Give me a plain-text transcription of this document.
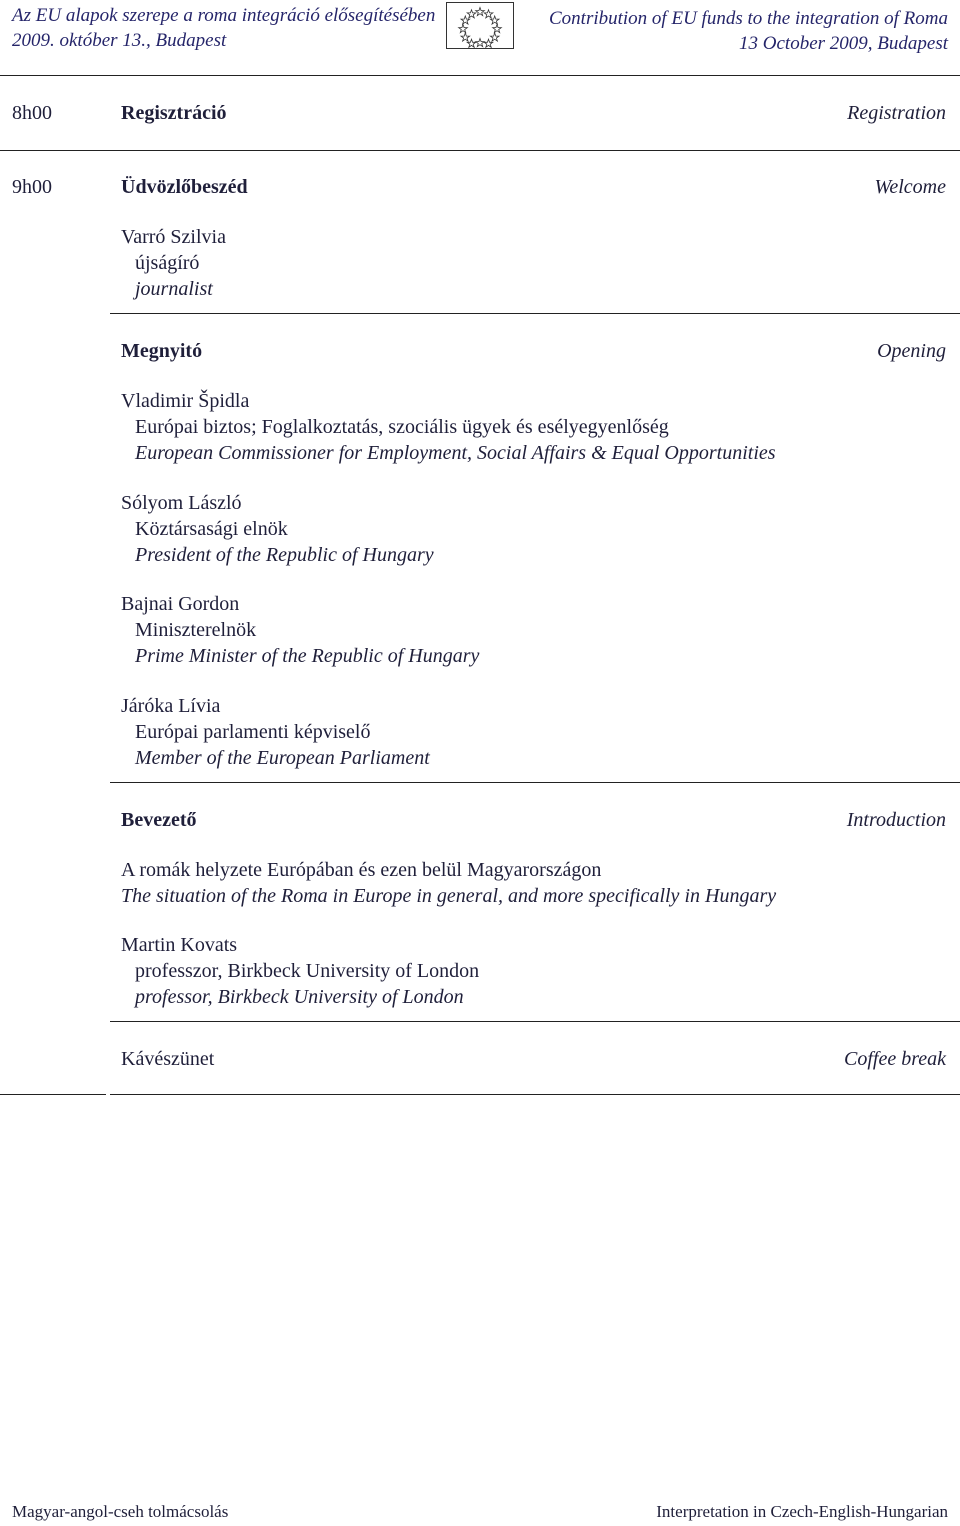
Az EU alapok szerepe a roma integráció elősegítésében
2009. október 13., Budapest
Contribution of EU funds to the integration of Roma
13 October 2009, Budapest
8h00	Regisztráció	Registration
9h00	Üdvözlőbeszéd	Welcome
Varró Szilvia
újságíró
journalist
Megnyitó	Opening
Vladimir Špidla
Európai biztos; Foglalkoztatás, szociális ügyek és esélyegyenlőség
European Commissioner for Employment, Social Affairs & Equal Opportunities
Sólyom László
Köztársasági elnök
President of the Republic of Hungary
Bajnai Gordon
Miniszterelnök
Prime Minister of the Republic of Hungary
Járóka Lívia
Európai parlamenti képviselő
Member of the European Parliament
Bevezető	Introduction
A romák helyzete Európában és ezen belül Magyarországon
The situation of the Roma in Europe in general, and more specifically in Hungary
Martin Kovats
professzor, Birkbeck University of London
professor, Birkbeck University of London
Kávészünet	Coffee break
Magyar-angol-cseh tolmácsolás	Interpretation in Czech-English-Hungarian
